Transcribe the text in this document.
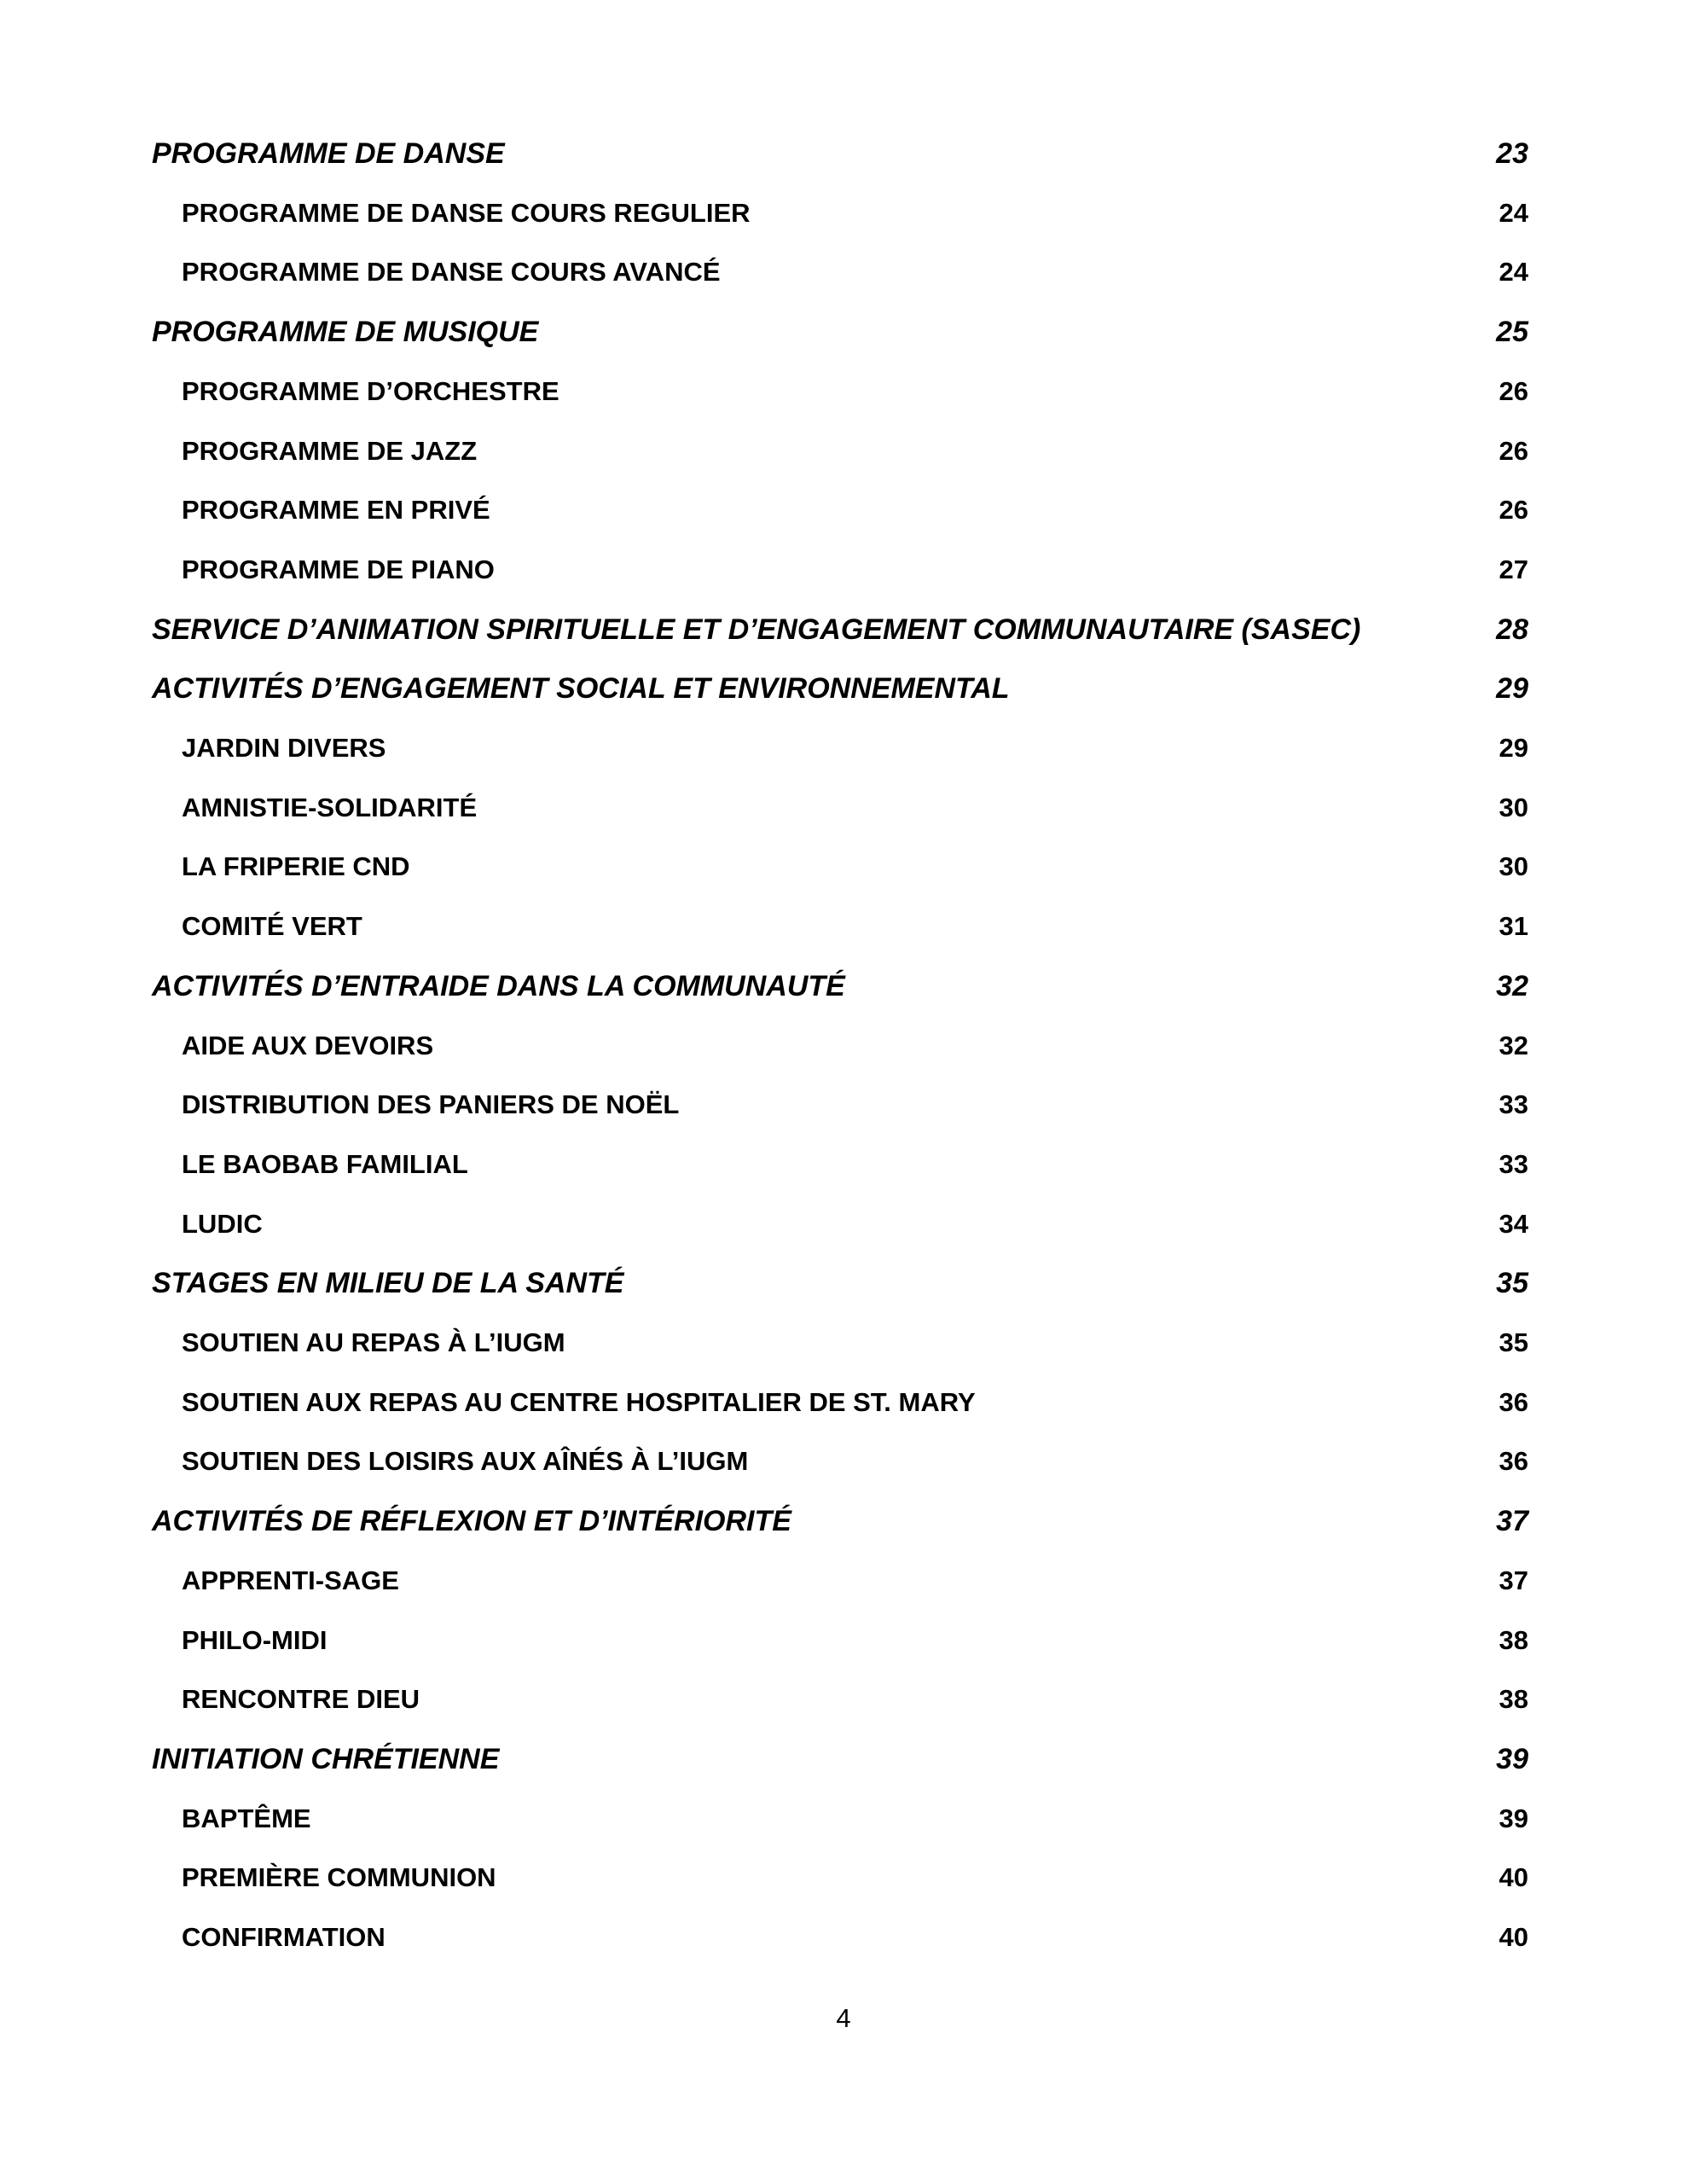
PROGRAMME DE DANSE	23
PROGRAMME DE DANSE COURS REGULIER	24
PROGRAMME DE DANSE COURS AVANCÉ	24
PROGRAMME DE MUSIQUE	25
PROGRAMME D’ORCHESTRE	26
PROGRAMME DE JAZZ	26
PROGRAMME EN PRIVÉ	26
PROGRAMME DE PIANO	27
SERVICE D’ANIMATION SPIRITUELLE ET D’ENGAGEMENT COMMUNAUTAIRE (SASEC)	28
ACTIVITÉS D’ENGAGEMENT SOCIAL ET ENVIRONNEMENTAL	29
JARDIN DIVERS	29
AMNISTIE-SOLIDARITÉ	30
LA FRIPERIE CND	30
COMITÉ VERT	31
ACTIVITÉS D’ENTRAIDE DANS LA COMMUNAUTÉ	32
AIDE AUX DEVOIRS	32
DISTRIBUTION DES PANIERS DE NOËL	33
LE BAOBAB FAMILIAL	33
LUDIC	34
STAGES EN MILIEU DE LA SANTÉ	35
SOUTIEN AU REPAS À L’IUGM	35
SOUTIEN AUX REPAS AU CENTRE HOSPITALIER DE ST. MARY	36
SOUTIEN DES LOISIRS AUX AÎNÉS À L’IUGM	36
ACTIVITÉS DE RÉFLEXION ET D’INTÉRIORITÉ	37
APPRENTI-SAGE	37
PHILO-MIDI	38
RENCONTRE DIEU	38
INITIATION CHRÉTIENNE	39
BAPTÊME	39
PREMIÈRE COMMUNION	40
CONFIRMATION	40
4
